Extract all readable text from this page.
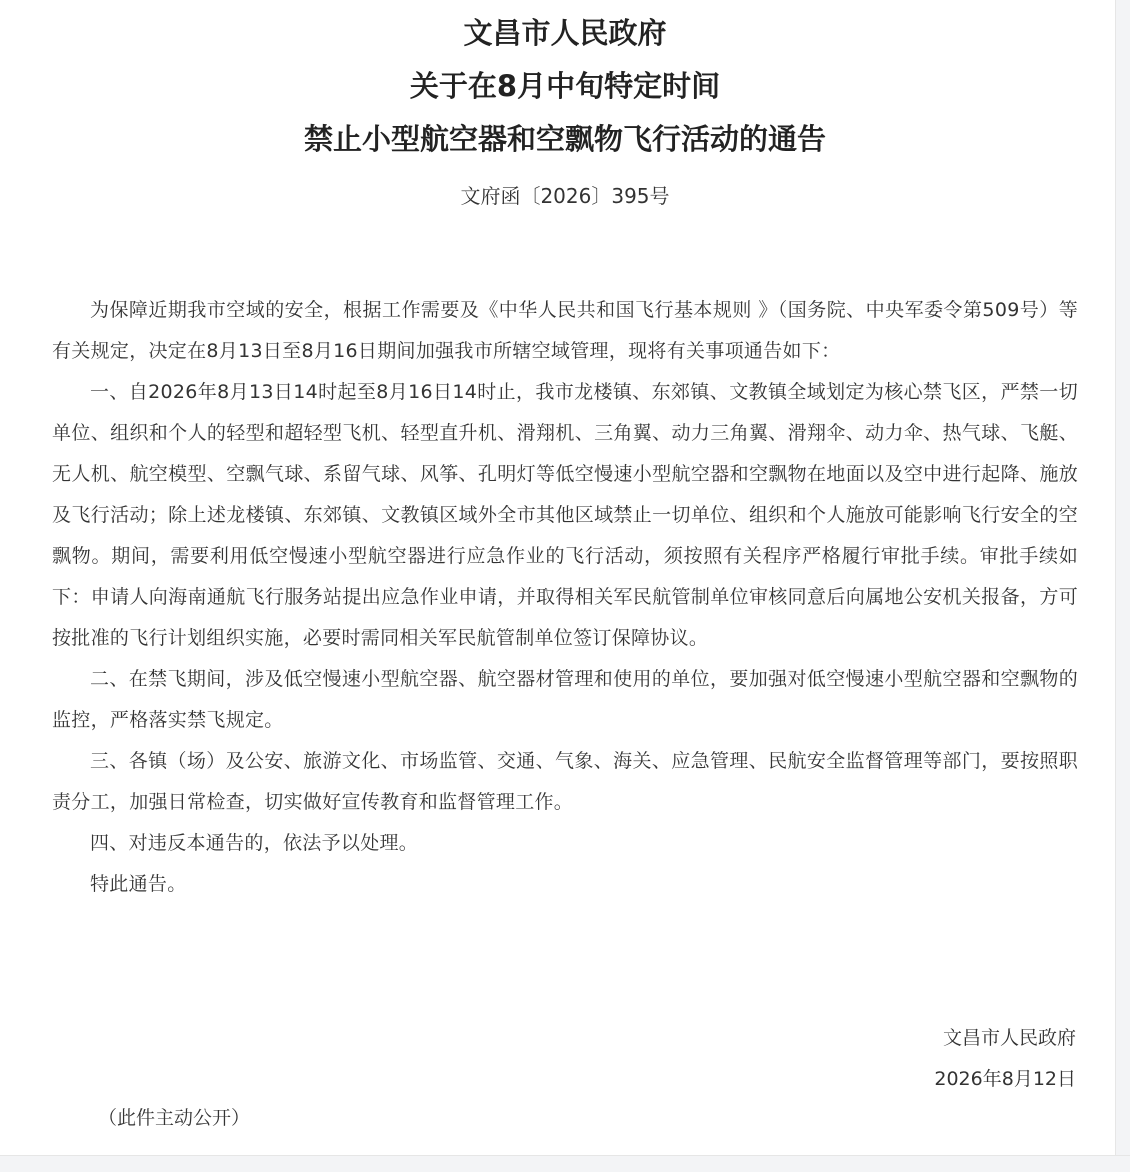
文昌市人民政府
关于在8月中旬特定时间
禁止小型航空器和空飘物飞行活动的通告
文府函〔2026〕395号

为保障近期我市空域的安全，根据工作需要及《中华人民共和国飞行基本规则 》（国务院、中央军委令第509号）等有关规定，决定在8月13日至8月16日期间加强我市所辖空域管理，现将有关事项通告如下：

一、自2026年8月13日14时起至8月16日14时止，我市龙楼镇、东郊镇、文教镇全域划定为核心禁飞区，严禁一切单位、组织和个人的轻型和超轻型飞机、轻型直升机、滑翔机、三角翼、动力三角翼、滑翔伞、动力伞、热气球、飞艇、无人机、航空模型、空飘气球、系留气球、风筝、孔明灯等低空慢速小型航空器和空飘物在地面以及空中进行起降、施放及飞行活动；除上述龙楼镇、东郊镇、文教镇区域外全市其他区域禁止一切单位、组织和个人施放可能影响飞行安全的空飘物。期间，需要利用低空慢速小型航空器进行应急作业的飞行活动，须按照有关程序严格履行审批手续。审批手续如下：申请人向海南通航飞行服务站提出应急作业申请，并取得相关军民航管制单位审核同意后向属地公安机关报备，方可按批准的飞行计划组织实施，必要时需同相关军民航管制单位签订保障协议。

二、在禁飞期间，涉及低空慢速小型航空器、航空器材管理和使用的单位，要加强对低空慢速小型航空器和空飘物的监控，严格落实禁飞规定。

三、各镇（场）及公安、旅游文化、市场监管、交通、气象、海关、应急管理、民航安全监督管理等部门，要按照职责分工，加强日常检查，切实做好宣传教育和监督管理工作。

四、对违反本通告的，依法予以处理。

特此通告。

文昌市人民政府
2026年8月12日
（此件主动公开）
